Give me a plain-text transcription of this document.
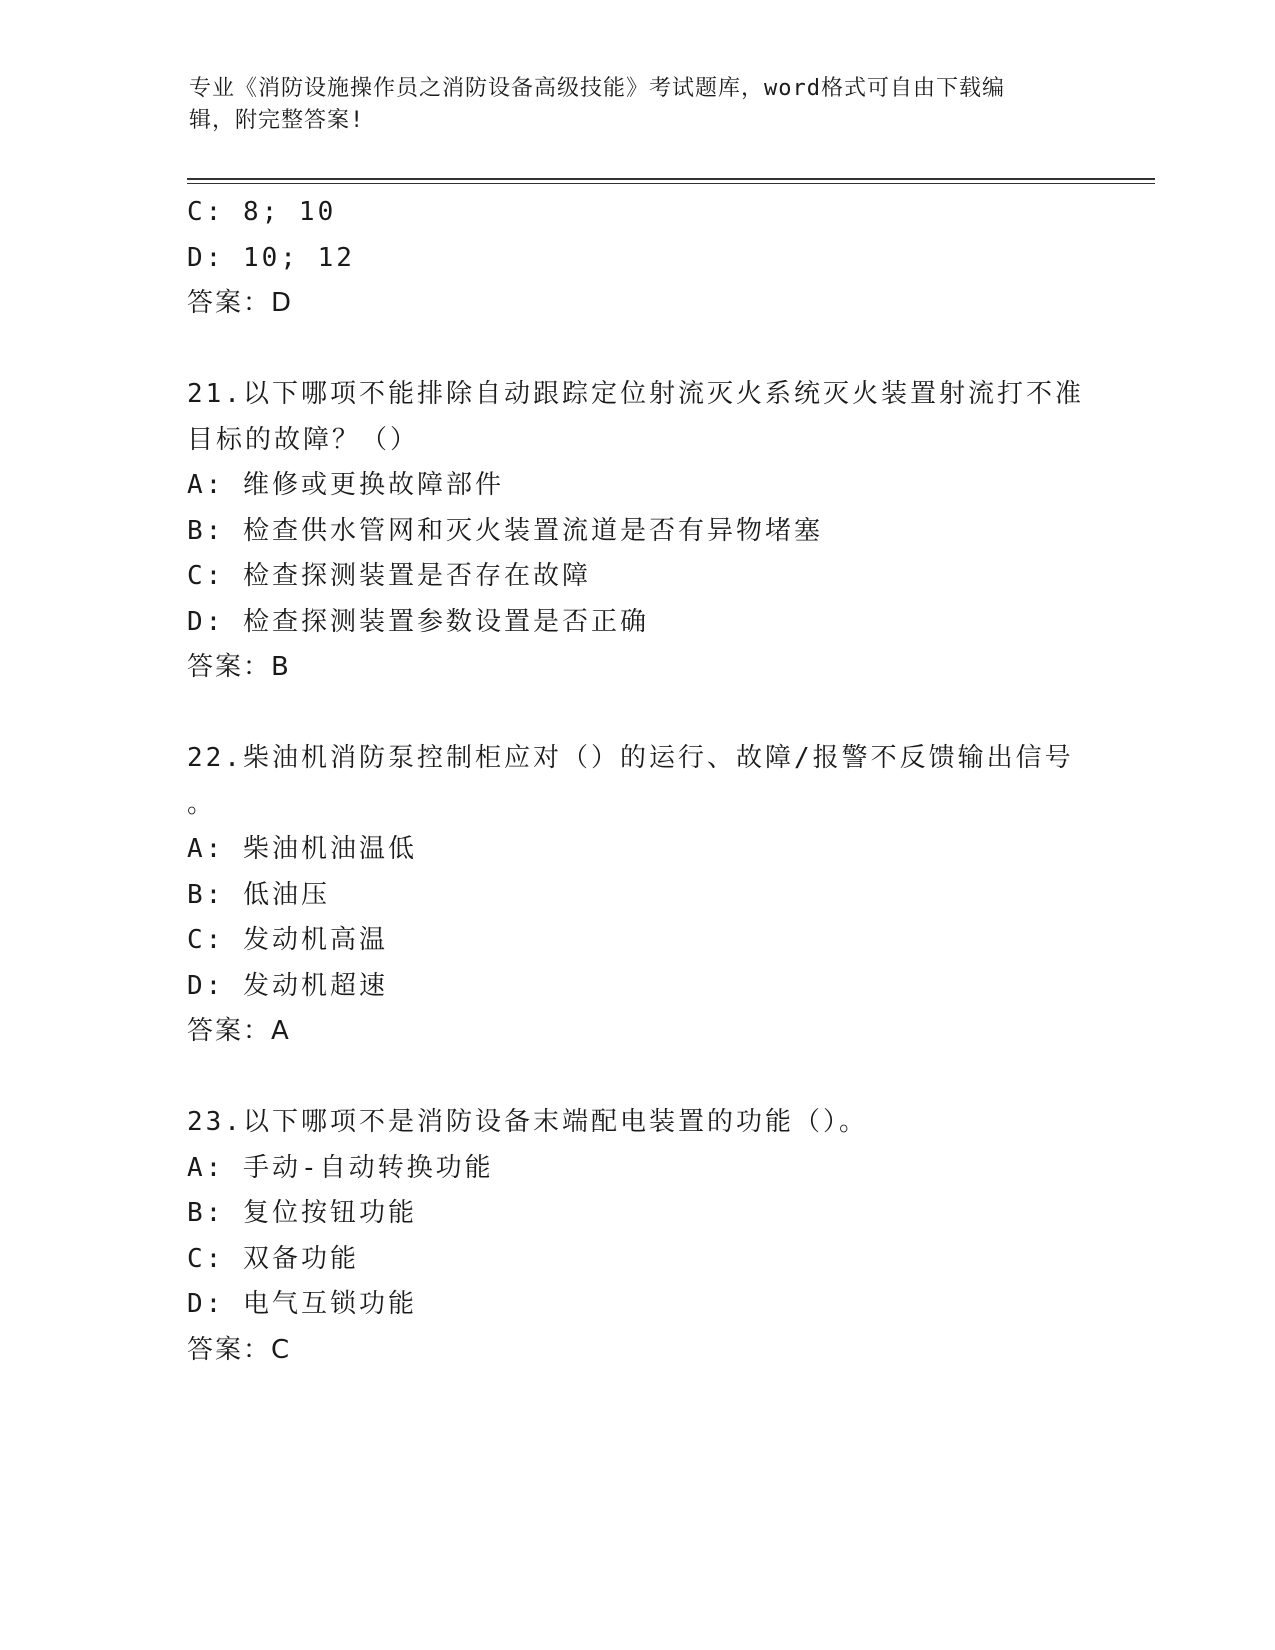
专业《消防设施操作员之消防设备高级技能》考试题库，word格式可自由下载编
辑，附完整答案!
C: 8; 10
D: 10; 12
答案：D
21.以下哪项不能排除自动跟踪定位射流灭火系统灭火装置射流打不准
目标的故障？（）
A: 维修或更换故障部件
B: 检查供水管网和灭火装置流道是否有异物堵塞
C: 检查探测装置是否存在故障
D: 检查探测装置参数设置是否正确
答案：B
22.柴油机消防泵控制柜应对（）的运行、故障/报警不反馈输出信号
。
A: 柴油机油温低
B: 低油压
C: 发动机高温
D: 发动机超速
答案：A
23.以下哪项不是消防设备末端配电装置的功能（）。
A: 手动-自动转换功能
B: 复位按钮功能
C: 双备功能
D: 电气互锁功能
答案：C
